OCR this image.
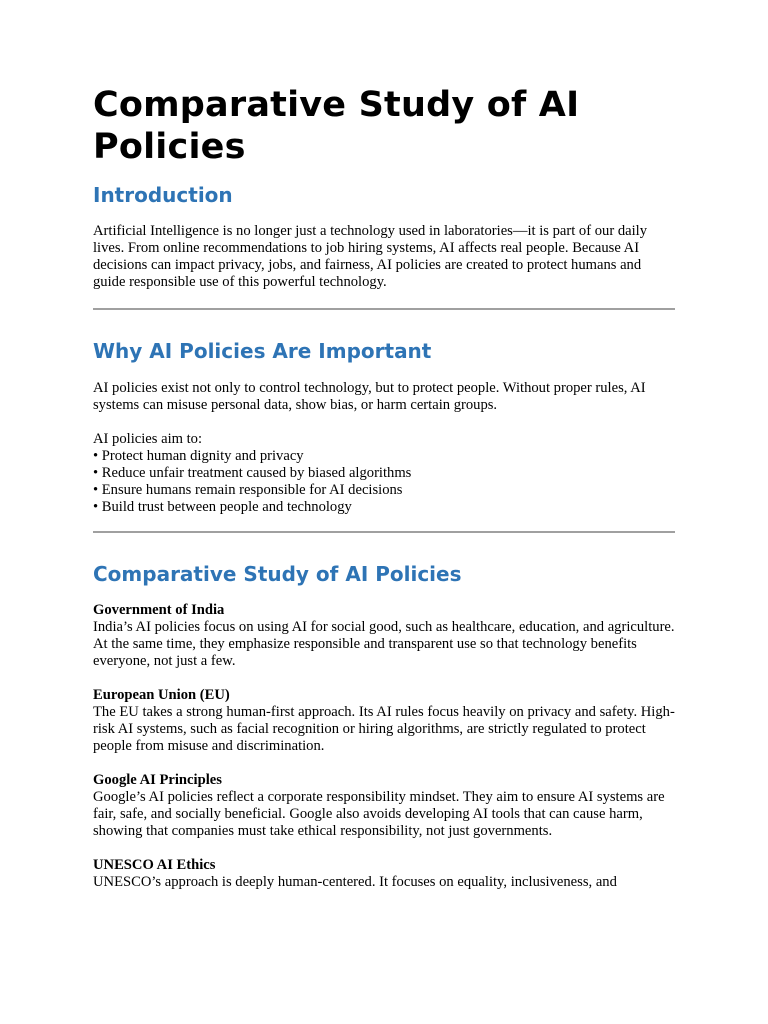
Comparative Study of AI Policies
Introduction

Artificial Intelligence is no longer just a technology used in laboratories—it is part of our daily lives. From online recommendations to job hiring systems, AI affects real people. Because AI decisions can impact privacy, jobs, and fairness, AI policies are created to protect humans and guide responsible use of this powerful technology.

Why AI Policies Are Important

AI policies exist not only to control technology, but to protect people. Without proper rules, AI systems can misuse personal data, show bias, or harm certain groups.

AI policies aim to:

• Protect human dignity and privacy
• Reduce unfair treatment caused by biased algorithms
• Ensure humans remain responsible for AI decisions
• Build trust between people and technology
Comparative Study of AI Policies
Government of India

India’s AI policies focus on using AI for social good, such as healthcare, education, and agriculture. At the same time, they emphasize responsible and transparent use so that technology benefits everyone, not just a few.

European Union (EU)

The EU takes a strong human-first approach. Its AI rules focus heavily on privacy and safety. High-risk AI systems, such as facial recognition or hiring algorithms, are strictly regulated to protect people from misuse and discrimination.

Google AI Principles

Google’s AI policies reflect a corporate responsibility mindset. They aim to ensure AI systems are fair, safe, and socially beneficial. Google also avoids developing AI tools that can cause harm, showing that companies must take ethical responsibility, not just governments.

UNESCO AI Ethics

UNESCO’s approach is deeply human-centered. It focuses on equality, inclusiveness, and
